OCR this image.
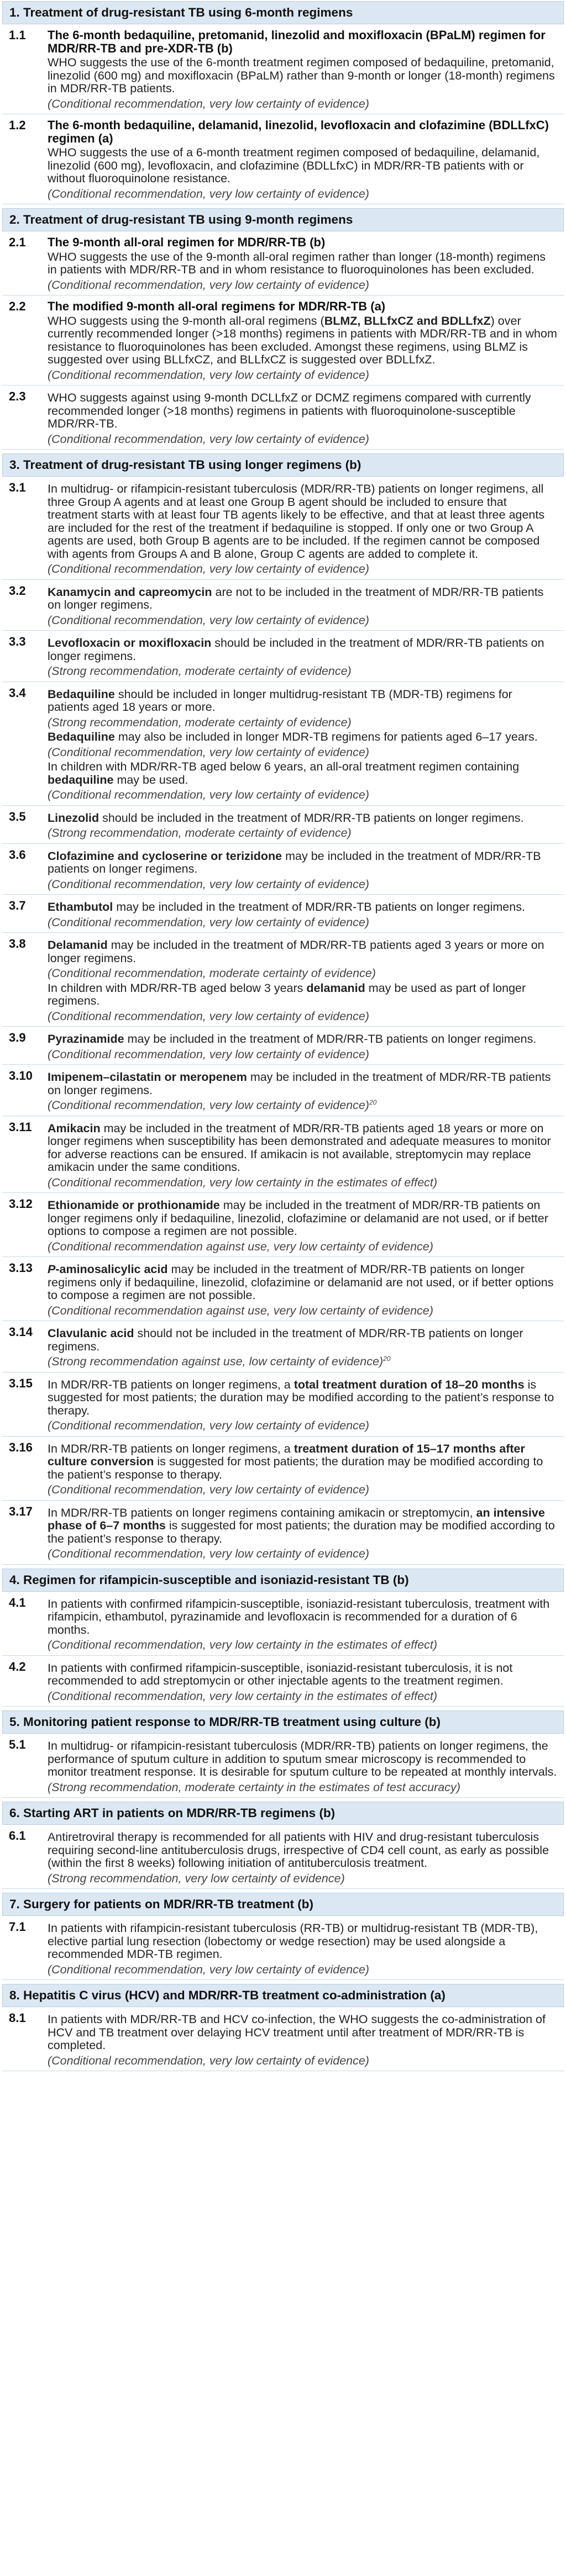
1. Treatment of drug-resistant TB using 6-month regimens
1.1	The 6-month bedaquiline, pretomanid, linezolid and moxifloxacin (BPaLM) regimen for MDR/RR-TB and pre-XDR-TB (b)
WHO suggests the use of the 6-month treatment regimen composed of bedaquiline, pretomanid, linezolid (600 mg) and moxifloxacin (BPaLM) rather than 9-month or longer (18-month) regimens in MDR/RR-TB patients.
(Conditional recommendation, very low certainty of evidence)
1.2	The 6-month bedaquiline, delamanid, linezolid, levofloxacin and clofazimine (BDLLfxC) regimen (a)
WHO suggests the use of a 6-month treatment regimen composed of bedaquiline, delamanid, linezolid (600 mg), levofloxacin, and clofazimine (BDLLfxC) in MDR/RR-TB patients with or without fluoroquinolone resistance.
(Conditional recommendation, very low certainty of evidence)
2. Treatment of drug-resistant TB using 9-month regimens
2.1	The 9-month all-oral regimen for MDR/RR-TB (b)
WHO suggests the use of the 9-month all-oral regimen rather than longer (18-month) regimens in patients with MDR/RR-TB and in whom resistance to fluoroquinolones has been excluded.
(Conditional recommendation, very low certainty of evidence)
2.2	The modified 9-month all-oral regimens for MDR/RR-TB (a)
WHO suggests using the 9-month all-oral regimens (BLMZ, BLLfxCZ and BDLLfxZ) over currently recommended longer (>18 months) regimens in patients with MDR/RR-TB and in whom resistance to fluoroquinolones has been excluded. Amongst these regimens, using BLMZ is suggested over using BLLfxCZ, and BLLfxCZ is suggested over BDLLfxZ.
(Conditional recommendation, very low certainty of evidence)
2.3	WHO suggests against using 9-month DCLLfxZ or DCMZ regimens compared with currently recommended longer (>18 months) regimens in patients with fluoroquinolone-susceptible MDR/RR-TB.
(Conditional recommendation, very low certainty of evidence)
3. Treatment of drug-resistant TB using longer regimens (b)
3.1	In multidrug- or rifampicin-resistant tuberculosis (MDR/RR-TB) patients on longer regimens, all three Group A agents and at least one Group B agent should be included to ensure that treatment starts with at least four TB agents likely to be effective, and that at least three agents are included for the rest of the treatment if bedaquiline is stopped. If only one or two Group A agents are used, both Group B agents are to be included. If the regimen cannot be composed with agents from Groups A and B alone, Group C agents are added to complete it.
(Conditional recommendation, very low certainty of evidence)
3.2	Kanamycin and capreomycin are not to be included in the treatment of MDR/RR-TB patients on longer regimens.
(Conditional recommendation, very low certainty of evidence)
3.3	Levofloxacin or moxifloxacin should be included in the treatment of MDR/RR-TB patients on longer regimens.
(Strong recommendation, moderate certainty of evidence)
3.4	Bedaquiline should be included in longer multidrug-resistant TB (MDR-TB) regimens for patients aged 18 years or more.
(Strong recommendation, moderate certainty of evidence)
Bedaquiline may also be included in longer MDR-TB regimens for patients aged 6–17 years.
(Conditional recommendation, very low certainty of evidence)
In children with MDR/RR-TB aged below 6 years, an all-oral treatment regimen containing bedaquiline may be used.
(Conditional recommendation, very low certainty of evidence)
3.5	Linezolid should be included in the treatment of MDR/RR-TB patients on longer regimens.
(Strong recommendation, moderate certainty of evidence)
3.6	Clofazimine and cycloserine or terizidone may be included in the treatment of MDR/RR-TB patients on longer regimens.
(Conditional recommendation, very low certainty of evidence)
3.7	Ethambutol may be included in the treatment of MDR/RR-TB patients on longer regimens.
(Conditional recommendation, very low certainty of evidence)
3.8	Delamanid may be included in the treatment of MDR/RR-TB patients aged 3 years or more on longer regimens.
(Conditional recommendation, moderate certainty of evidence)
In children with MDR/RR-TB aged below 3 years delamanid may be used as part of longer regimens.
(Conditional recommendation, very low certainty of evidence)
3.9	Pyrazinamide may be included in the treatment of MDR/RR-TB patients on longer regimens.
(Conditional recommendation, very low certainty of evidence)
3.10	Imipenem–cilastatin or meropenem may be included in the treatment of MDR/RR-TB patients on longer regimens.
(Conditional recommendation, very low certainty of evidence)$^{20}$
3.11	Amikacin may be included in the treatment of MDR/RR-TB patients aged 18 years or more on longer regimens when susceptibility has been demonstrated and adequate measures to monitor for adverse reactions can be ensured. If amikacin is not available, streptomycin may replace amikacin under the same conditions.
(Conditional recommendation, very low certainty in the estimates of effect)
3.12	Ethionamide or prothionamide may be included in the treatment of MDR/RR-TB patients on longer regimens only if bedaquiline, linezolid, clofazimine or delamanid are not used, or if better options to compose a regimen are not possible.
(Conditional recommendation against use, very low certainty of evidence)
3.13	P-aminosalicylic acid may be included in the treatment of MDR/RR-TB patients on longer regimens only if bedaquiline, linezolid, clofazimine or delamanid are not used, or if better options to compose a regimen are not possible.
(Conditional recommendation against use, very low certainty of evidence)
3.14	Clavulanic acid should not be included in the treatment of MDR/RR-TB patients on longer regimens.
(Strong recommendation against use, low certainty of evidence)$^{20}$
3.15	In MDR/RR-TB patients on longer regimens, a total treatment duration of 18–20 months is suggested for most patients; the duration may be modified according to the patient’s response to therapy.
(Conditional recommendation, very low certainty of evidence)
3.16	In MDR/RR-TB patients on longer regimens, a treatment duration of 15–17 months after culture conversion is suggested for most patients; the duration may be modified according to the patient’s response to therapy.
(Conditional recommendation, very low certainty of evidence)
3.17	In MDR/RR-TB patients on longer regimens containing amikacin or streptomycin, an intensive phase of 6–7 months is suggested for most patients; the duration may be modified according to the patient’s response to therapy.
(Conditional recommendation, very low certainty of evidence)
4. Regimen for rifampicin-susceptible and isoniazid-resistant TB (b)
4.1	In patients with confirmed rifampicin-susceptible, isoniazid-resistant tuberculosis, treatment with rifampicin, ethambutol, pyrazinamide and levofloxacin is recommended for a duration of 6 months.
(Conditional recommendation, very low certainty in the estimates of effect)
4.2	In patients with confirmed rifampicin-susceptible, isoniazid-resistant tuberculosis, it is not recommended to add streptomycin or other injectable agents to the treatment regimen.
(Conditional recommendation, very low certainty in the estimates of effect)
5. Monitoring patient response to MDR/RR-TB treatment using culture (b)
5.1	In multidrug- or rifampicin-resistant tuberculosis (MDR/RR-TB) patients on longer regimens, the performance of sputum culture in addition to sputum smear microscopy is recommended to monitor treatment response. It is desirable for sputum culture to be repeated at monthly intervals.
(Strong recommendation, moderate certainty in the estimates of test accuracy)
6. Starting ART in patients on MDR/RR-TB regimens (b)
6.1	Antiretroviral therapy is recommended for all patients with HIV and drug-resistant tuberculosis requiring second-line antituberculosis drugs, irrespective of CD4 cell count, as early as possible (within the first 8 weeks) following initiation of antituberculosis treatment.
(Strong recommendation, very low certainty of evidence)
7. Surgery for patients on MDR/RR-TB treatment (b)
7.1	In patients with rifampicin-resistant tuberculosis (RR-TB) or multidrug-resistant TB (MDR-TB), elective partial lung resection (lobectomy or wedge resection) may be used alongside a recommended MDR-TB regimen.
(Conditional recommendation, very low certainty of evidence)
8. Hepatitis C virus (HCV) and MDR/RR-TB treatment co-administration (a)
8.1	In patients with MDR/RR-TB and HCV co-infection, the WHO suggests the co-administration of HCV and TB treatment over delaying HCV treatment until after treatment of MDR/RR-TB is completed.
(Conditional recommendation, very low certainty of evidence)
